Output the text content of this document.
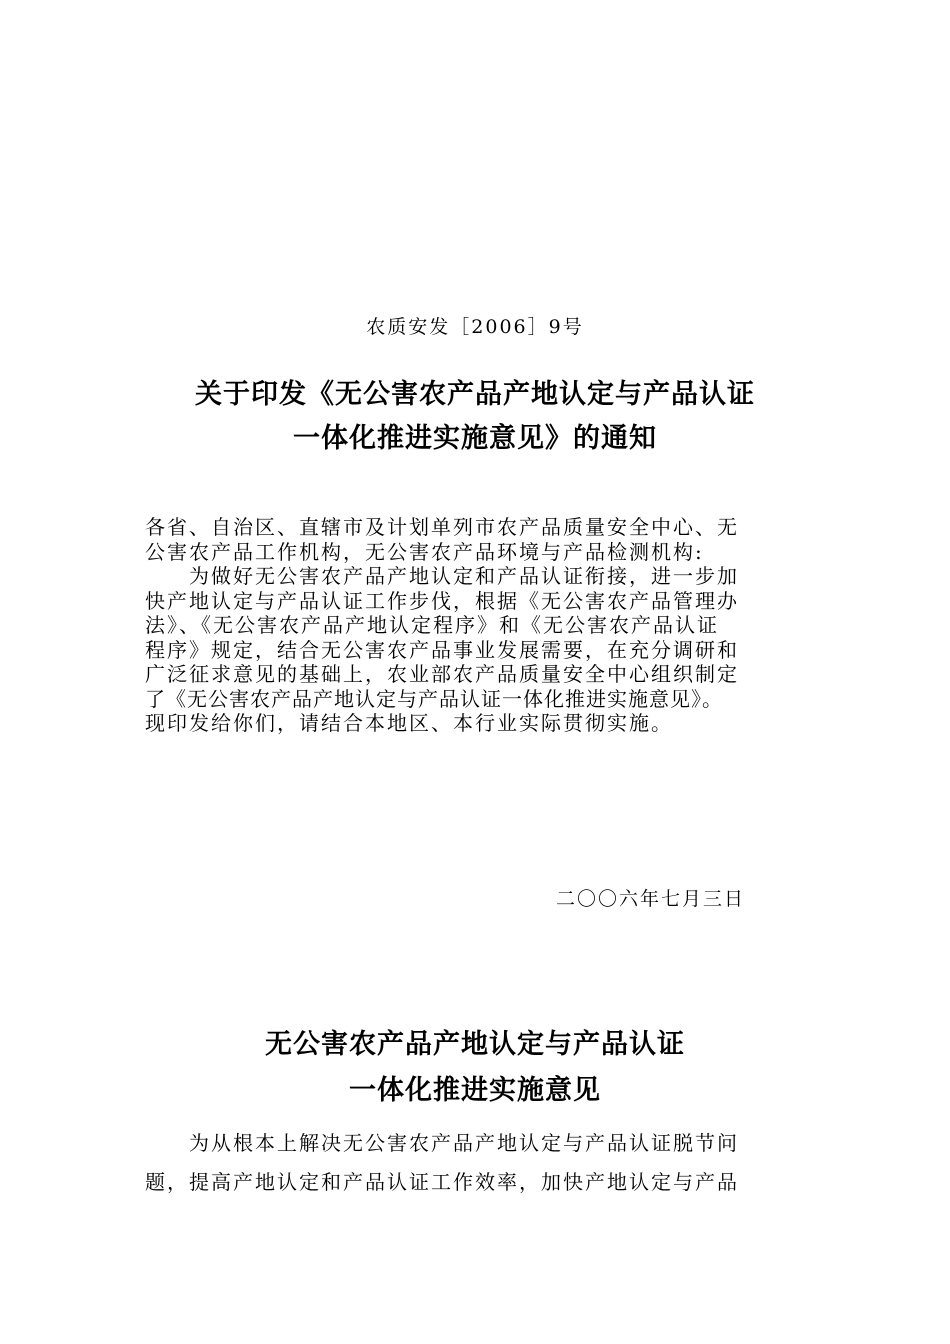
农质安发［2006］9号
关于印发《无公害农产品产地认定与产品认证
一体化推进实施意见》的通知
各省、自治区、直辖市及计划单列市农产品质量安全中心、无
公害农产品工作机构，无公害农产品环境与产品检测机构:
为做好无公害农产品产地认定和产品认证衔接，进一步加
快产地认定与产品认证工作步伐，根据《无公害农产品管理办
法》、《无公害农产品产地认定程序》和《无公害农产品认证
程序》规定，结合无公害农产品事业发展需要，在充分调研和
广泛征求意见的基础上，农业部农产品质量安全中心组织制定
了《无公害农产品产地认定与产品认证一体化推进实施意见》。
现印发给你们，请结合本地区、本行业实际贯彻实施。
二〇〇六年七月三日
无公害农产品产地认定与产品认证
一体化推进实施意见
为从根本上解决无公害农产品产地认定与产品认证脱节问
题，提高产地认定和产品认证工作效率，加快产地认定与产品
